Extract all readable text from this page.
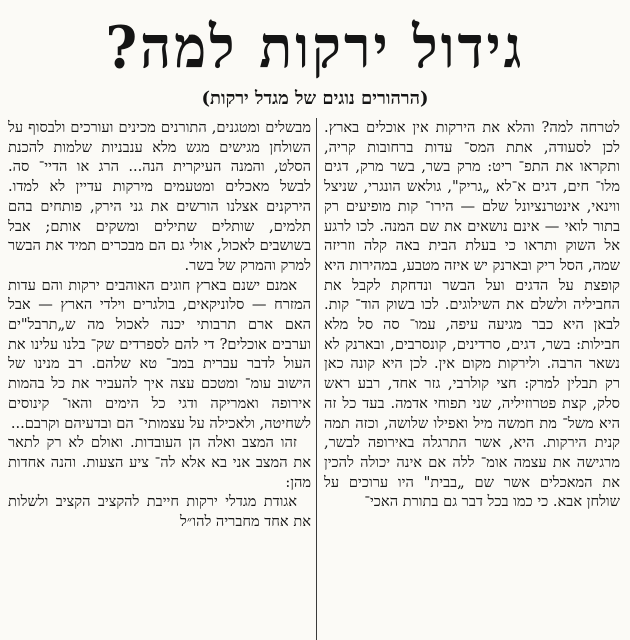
גידול ירקות למה?
(הרהורים נוגים של מגדל ירקות)

לטרחה למה? והלא את הירקות אין אוכלים בארץ. לכן לסעודה, אתת המס־ עדות ברחובות קריה, ותקראו את התפ־ ריט: מרק בשר, בשר מרק, דגים מלו־ חים, דגים א־לא „גריק", גולאש הונגרי, שניצל ווינאי, אינטרנציונל שלם — הירו־ קות מופיעים רק בתור לואי — אינם נושאים את שם המנה. לכו לרגע אל השוק ותראו כי בעלת הבית באה קלה וזריזה שמה, הסל ריק ובארנק יש איזה מטבע, במהירות היא קופצת על הדגים ועל הבשר ונדחקת לקבל את החביליה ולשלם את השילוגים. לכו בשוק הוד־ קות. לבאן היא כבר מגיעה עיפה, עמו־ סה סל מלא חבילות: בשר, דגים, סרדינים, קונסרבים, ובארנק לא נשאר הרבה. ולירקות מקום אין. לכן היא קונה כאן רק תבלין למרק: חצי קולרבי, גזר אחד, רבע ראש סלק, קצת פטרוזיליה, שני תפוחי אדמה. בעד כל זה היא משל־ מת חמשה מיל ואפילו שלושה, וכזה תמה קנית הירקות. היא, אשר התרגלה באירופה לבשר, מרגישה את עצמה אומ־ ללה אם אינה יכולה להכין את המאכלים אשר שם „בבית" היו ערוכים על שולחן אבא. כי כמו בכל דבר גם בתורת האכי־

מבשלים ומטגנים, התורנים מכינים ועורכים ולבסוף על השולחן מגישים מגש מלא ענבניות שלמות להכנת הסלט, והמנה העיקרית הנה... הרג או הדיי־ סה. לבשל מאכלים ומטעמים מירקות עדיין לא למדו. הירקנים אצלנו הורשים את גני הירק, פותחים בהם תלמים, שותלים שתילים ומשקים אותם; אבל בשושבים לאכול, אולי גם הם מבכרים תמיד את הבשר למרק והמרק של בשר.

אמנם ישנם בארץ חוגים האוהבים ירקות והם עדות המזרח — סלוניקאים, בולגרים וילדי הארץ — אבל האם ארם תרבותי יכנה לאכול מה ש„תרבל"ים וערבים אוכלים? די להם לספרדים שק־ בלנו עלינו את העול לדבר עברית במב־ טא שלהם. רב מנינו של הישוב עומ־ ומטכם עצה איך להעביר את כל בהמות אירופה ואמריקה ודגי כל הימים והאו־ קינוסים לשחיטה, ולאכילה על עצמותי־ הם ובדעיהם וקרבם...

זהו המצב ואלה הן העובדות. ואולם לא רק לתאר את המצב אני בא אלא לה־ ציע הצעות. והנה אחדות מהן:

אגודת מגדלי ירקות חייבת להקציב הקציב ולשלות את אחד מחבריה להו״ל
